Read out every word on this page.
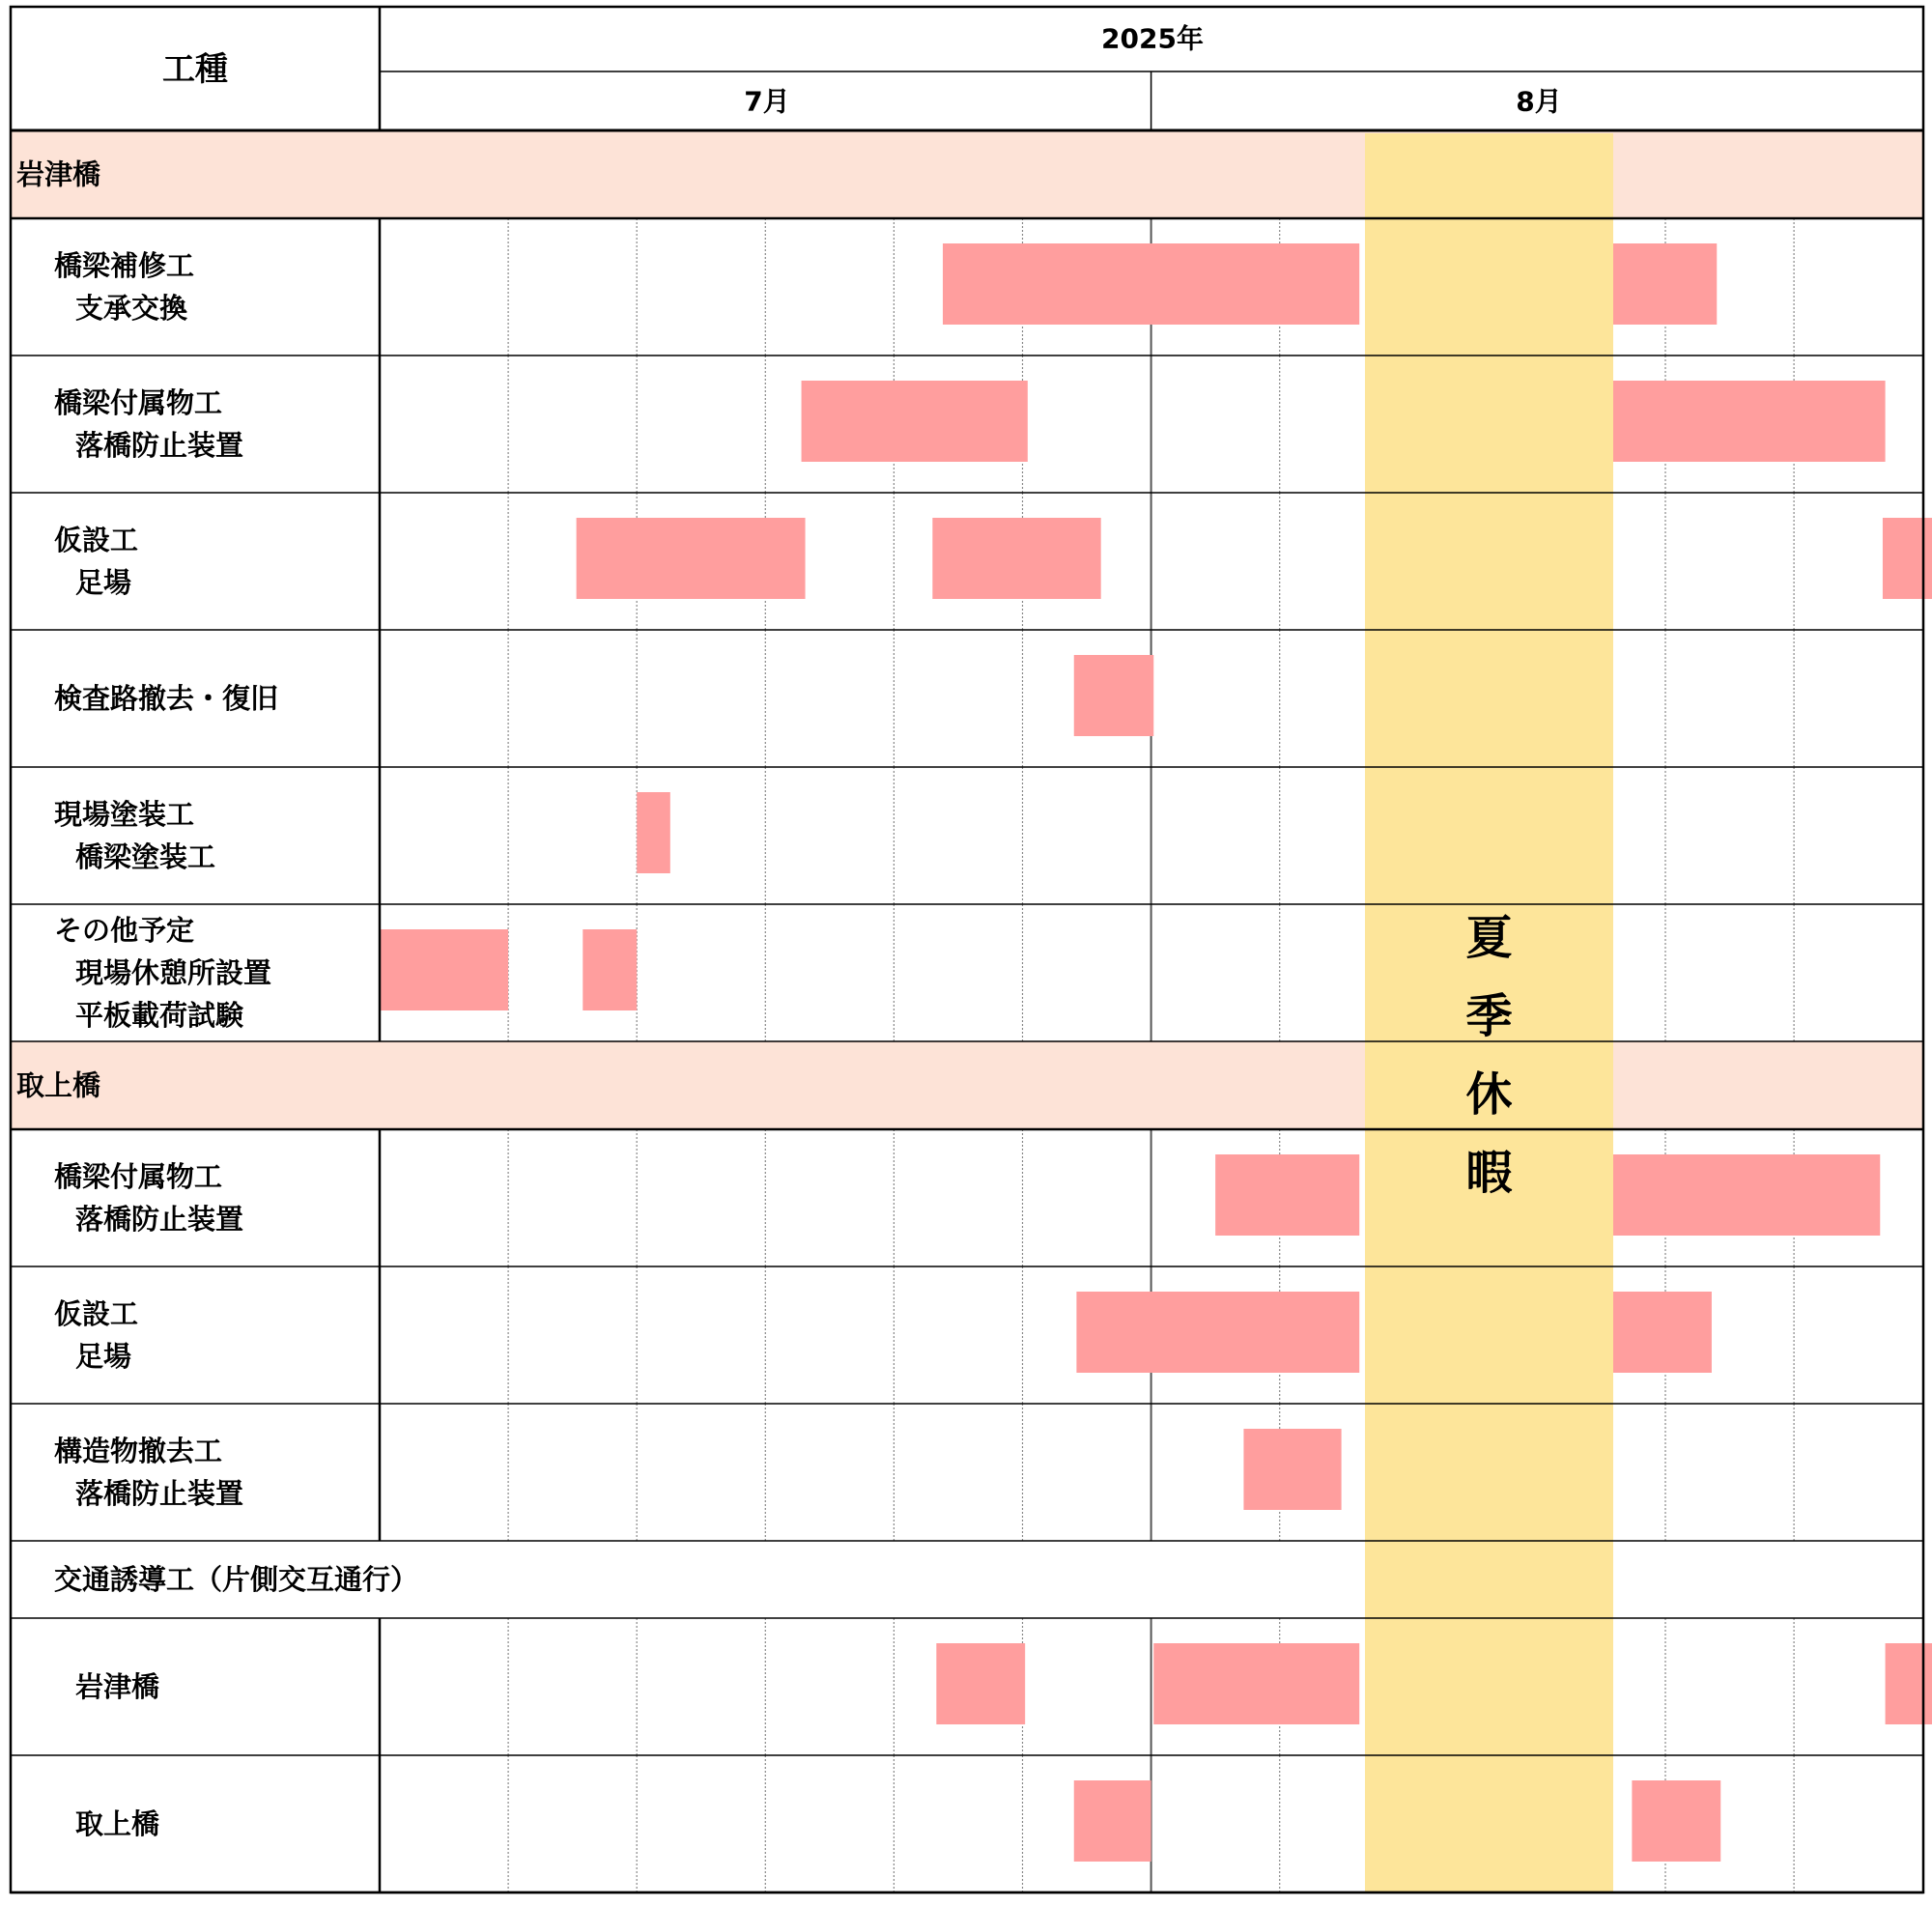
工種
2025年
7月	8月
岩津橋
橋梁補修工
支承交換
橋梁付属物工
落橋防止装置
仮設工
足場
検査路撤去・復旧
現場塗装工
橋梁塗装工
その他予定
現場休憩所設置
平板載荷試験
取上橋
橋梁付属物工
落橋防止装置
仮設工
足場
構造物撤去工
落橋防止装置
交通誘導工（片側交互通行）
岩津橋
取上橋
夏
季
休
暇
